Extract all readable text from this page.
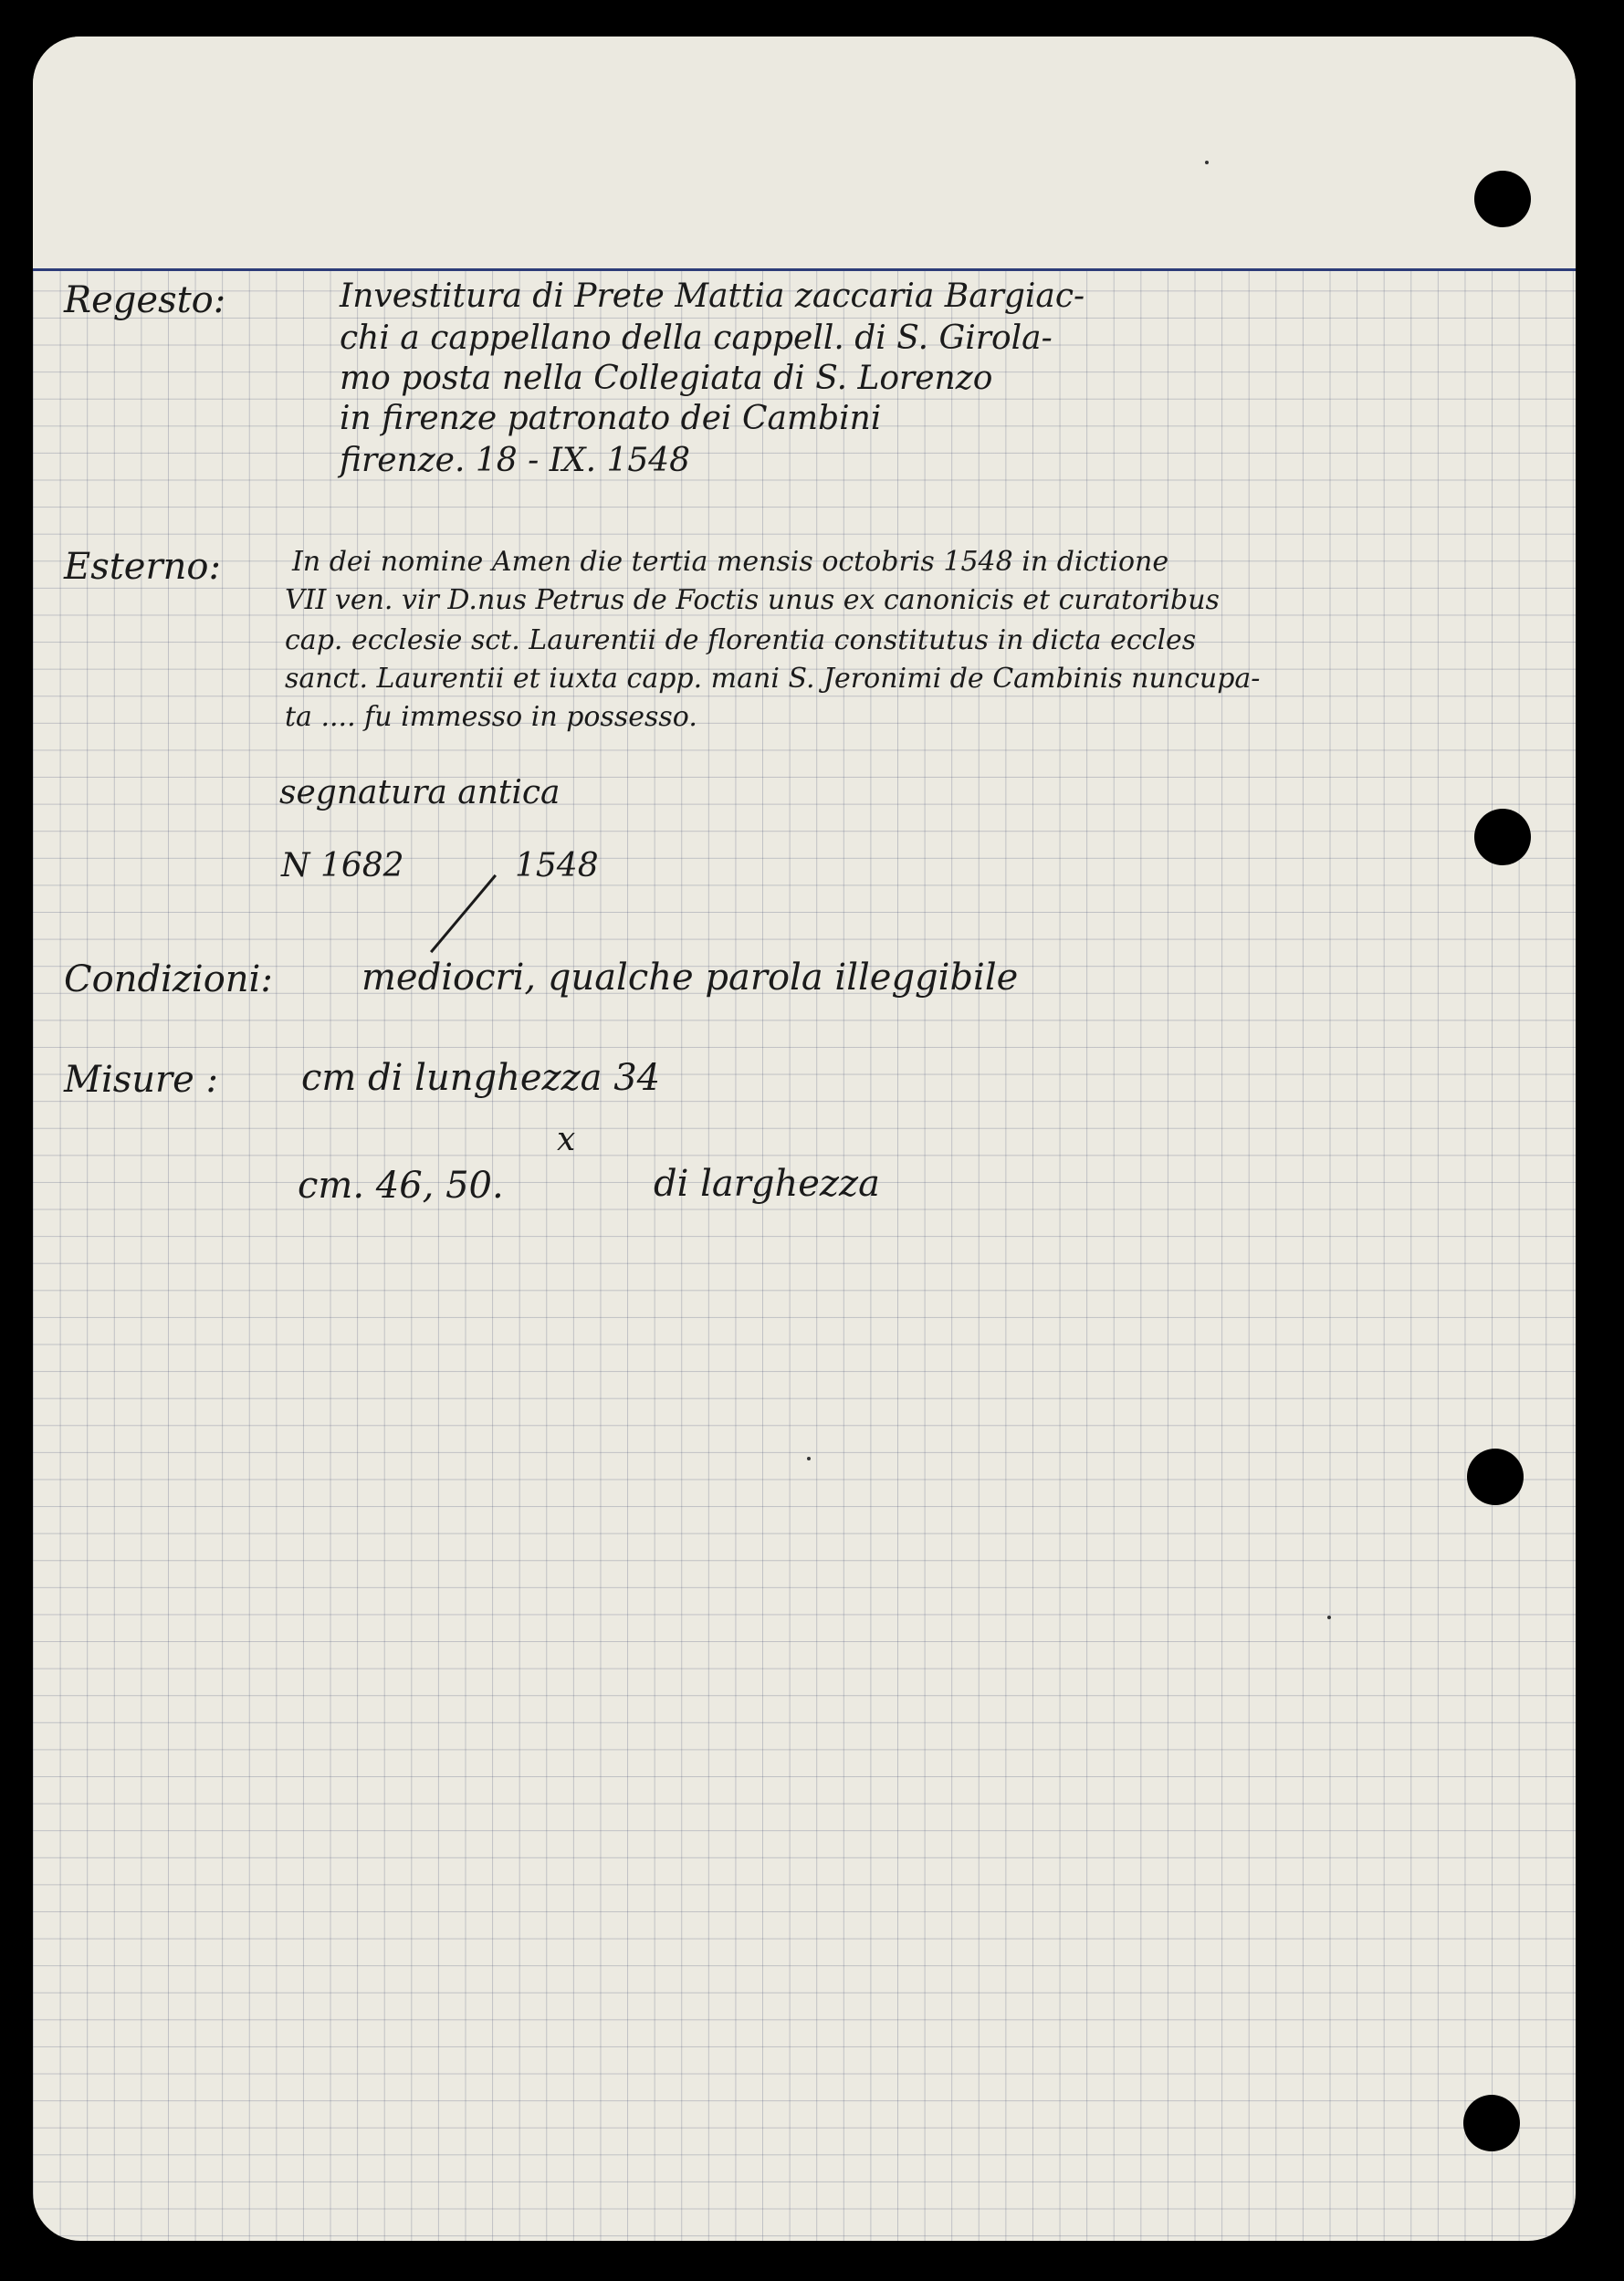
Regesto:	Investitura di Prete Mattia zaccaria Bargiac-
chi a cappellano della cappell. di S. Girola-
mo posta nella Collegiata di S. Lorenzo
in firenze patronato dei Cambini
firenze. 18 - IX. 1548
Esterno:	In dei nomine Amen die tertia mensis octobris 1548 in dictione
VII ven. vir D.nus Petrus de Foctis unus ex canonicis et curatoribus
cap. ecclesie sct. Laurentii de florentia constitutus in dicta eccles
sanct. Laurentii et iuxta capp. mani S. Jeronimi de Cambinis nuncupa-
ta .... fu immesso in possesso.
segnatura antica
N 1682	1548
Condizioni: mediocri, qualche parola illeggibile
Misure : cm di lunghezza 34
x
cm. 46, 50.	di larghezza
